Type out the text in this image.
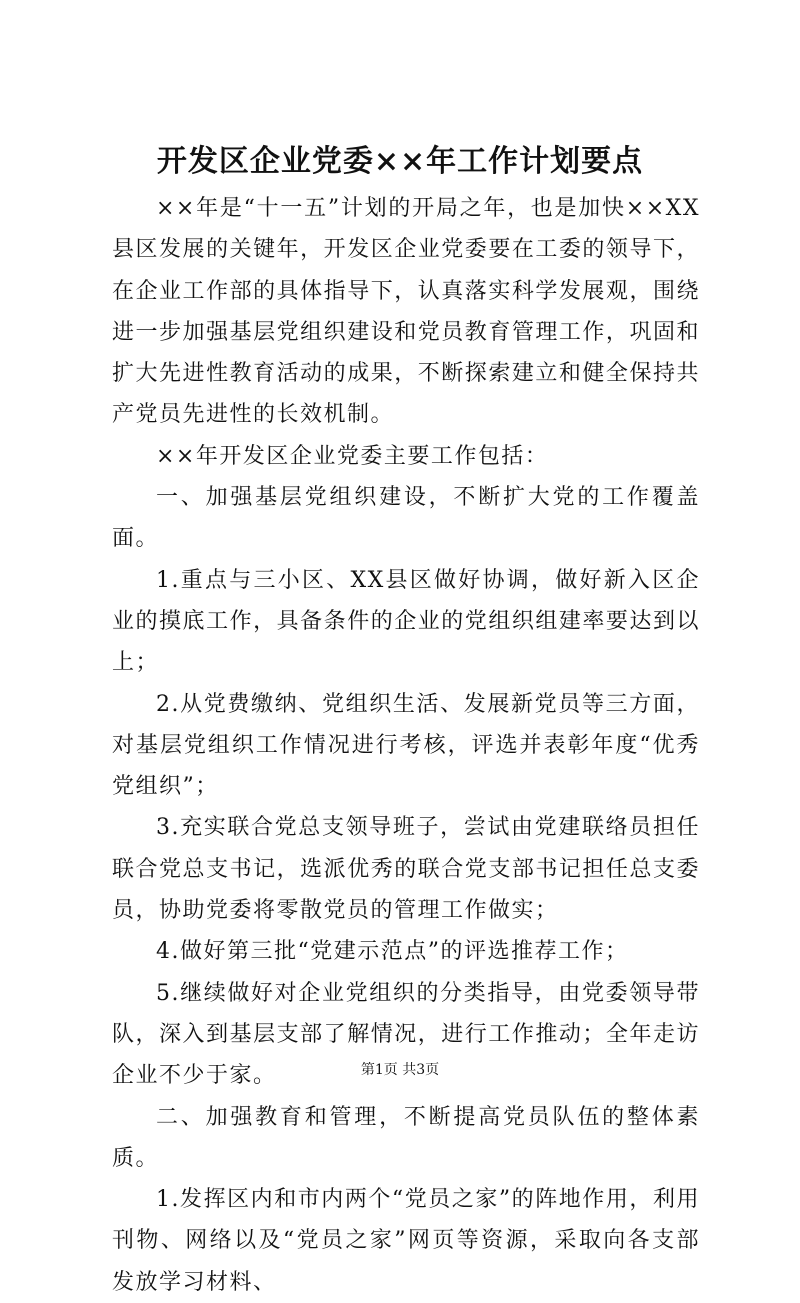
开发区企业党委××年工作计划要点

××年是“十一五”计划的开局之年，也是加快××XX县区发展的关键年，开发区企业党委要在工委的领导下，在企业工作部的具体指导下，认真落实科学发展观，围绕进一步加强基层党组织建设和党员教育管理工作，巩固和扩大先进性教育活动的成果，不断探索建立和健全保持共产党员先进性的长效机制。

××年开发区企业党委主要工作包括：

一、加强基层党组织建设，不断扩大党的工作覆盖面。

1.重点与三小区、XX县区做好协调，做好新入区企业的摸底工作，具备条件的企业的党组织组建率要达到以上；

2.从党费缴纳、党组织生活、发展新党员等三方面，对基层党组织工作情况进行考核，评选并表彰年度“优秀党组织”；

3.充实联合党总支领导班子，尝试由党建联络员担任联合党总支书记，选派优秀的联合党支部书记担任总支委员，协助党委将零散党员的管理工作做实；

4.做好第三批“党建示范点”的评选推荐工作；

5.继续做好对企业党组织的分类指导，由党委领导带队，深入到基层支部了解情况，进行工作推动；全年走访企业不少于家。

二、加强教育和管理，不断提高党员队伍的整体素质。

1.发挥区内和市内两个“党员之家”的阵地作用，利用刊物、网络以及“党员之家”网页等资源，采取向各支部发放学习材料、

第1页 共3页
